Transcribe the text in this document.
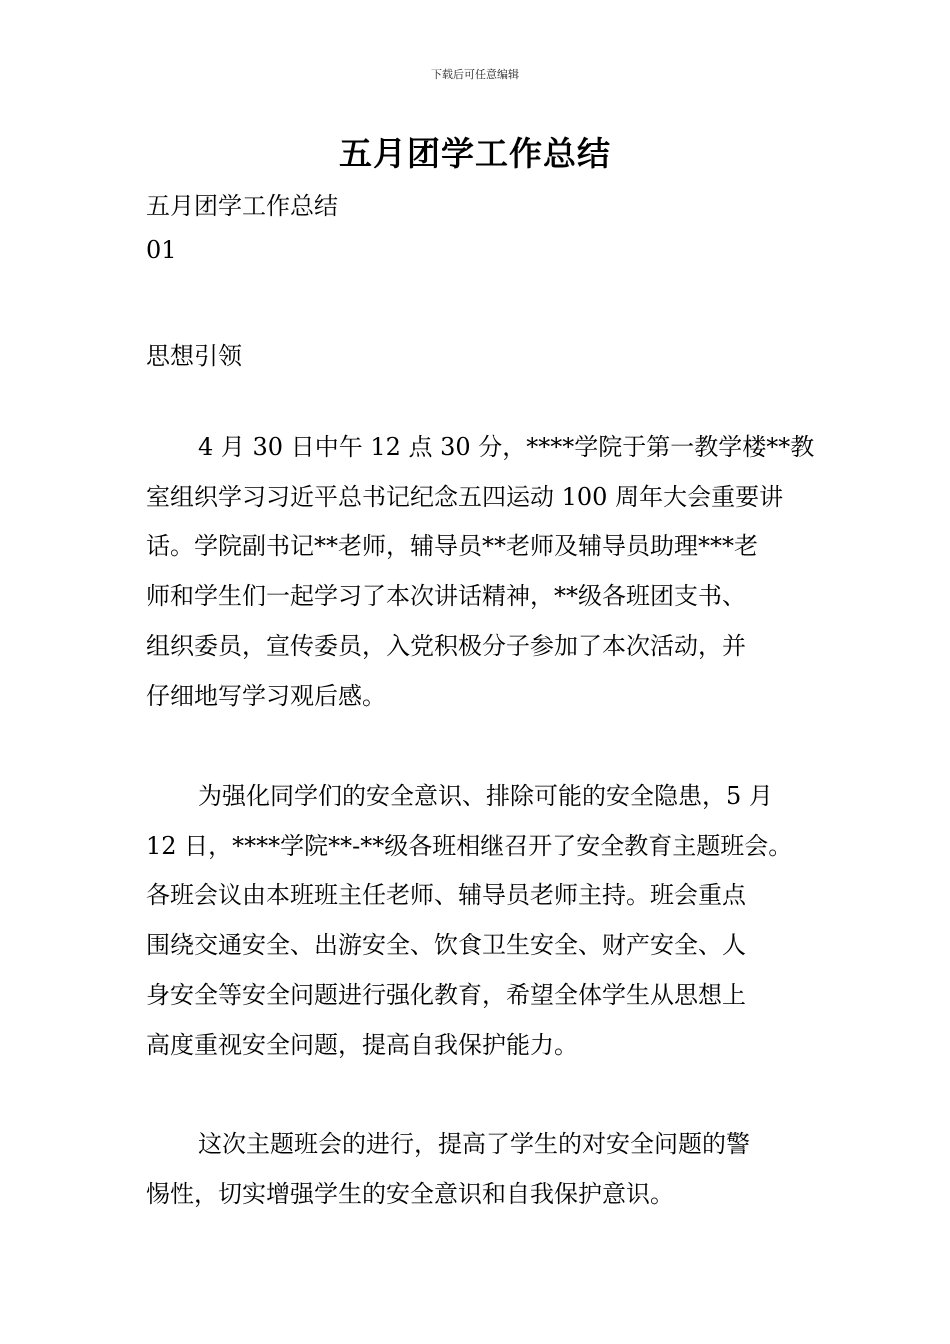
下载后可任意编辑
五月团学工作总结
五月团学工作总结
01
思想引领
4 月 30 日中午 12 点 30 分，****学院于第一教学楼**教
室组织学习习近平总书记纪念五四运动 100 周年大会重要讲
话。学院副书记**老师，辅导员**老师及辅导员助理***老
师和学生们一起学习了本次讲话精神，**级各班团支书、
组织委员，宣传委员，入党积极分子参加了本次活动，并
仔细地写学习观后感。
为强化同学们的安全意识、排除可能的安全隐患，5 月
12 日，****学院**-**级各班相继召开了安全教育主题班会。
各班会议由本班班主任老师、辅导员老师主持。班会重点
围绕交通安全、出游安全、饮食卫生安全、财产安全、人
身安全等安全问题进行强化教育，希望全体学生从思想上
高度重视安全问题，提高自我保护能力。
这次主题班会的进行，提高了学生的对安全问题的警
惕性，切实增强学生的安全意识和自我保护意识。
